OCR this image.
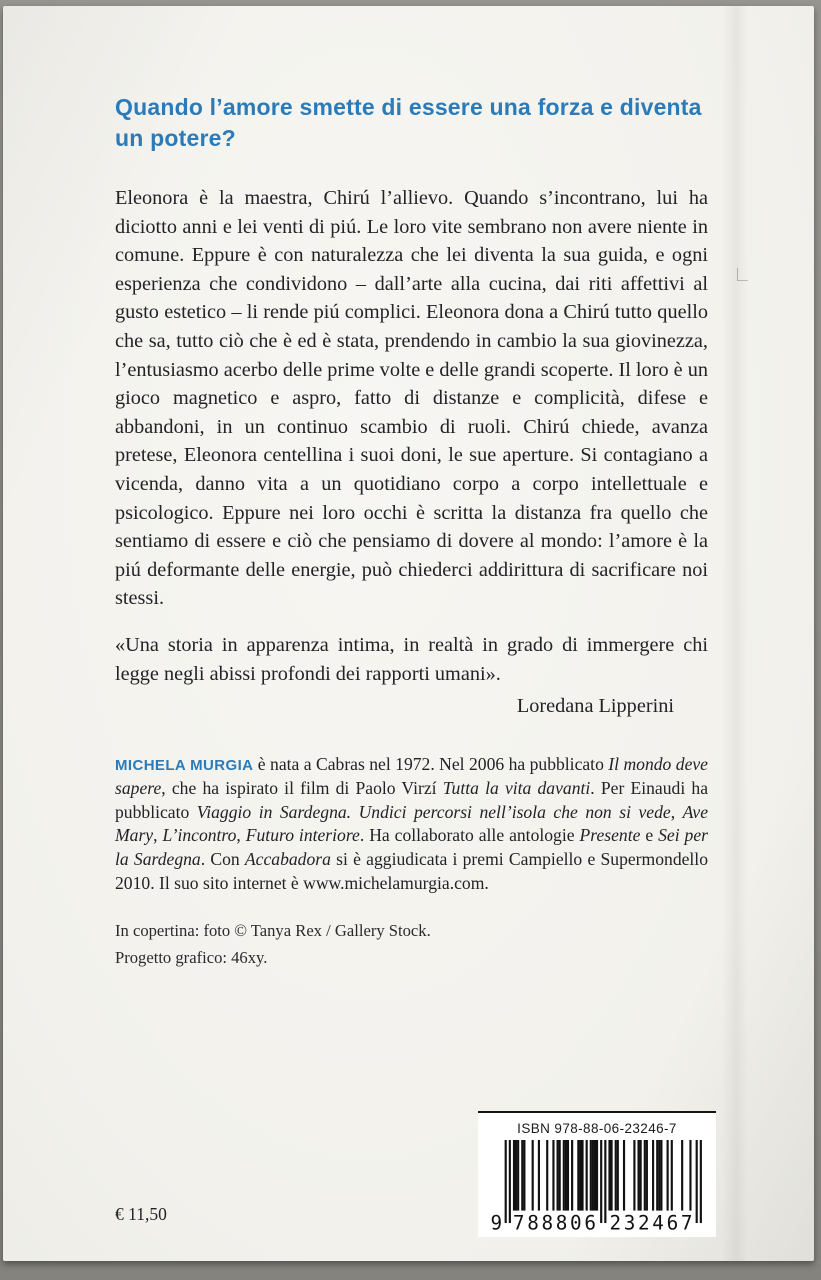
Quando l’amore smette di essere una forza e diventa un potere?

Eleonora è la maestra, Chirú l’allievo. Quando s’incontrano, lui ha diciotto anni e lei venti di piú. Le loro vite sembrano non avere niente in comune. Eppure è con naturalezza che lei diventa la sua guida, e ogni esperienza che condividono – dall’arte alla cucina, dai riti affettivi al gusto estetico – li rende piú complici. Eleonora dona a Chirú tutto quello che sa, tutto ciò che è ed è stata, prendendo in cambio la sua giovinezza, l’entusiasmo acerbo delle prime volte e delle grandi scoperte. Il loro è un gioco magnetico e aspro, fatto di distanze e complicità, difese e abbandoni, in un continuo scambio di ruoli. Chirú chiede, avanza pretese, Eleonora centellina i suoi doni, le sue aperture. Si contagiano a vicenda, danno vita a un quotidiano corpo a corpo intellettuale e psicologico. Eppure nei loro occhi è scritta la distanza fra quello che sentiamo di essere e ciò che pensiamo di dovere al mondo: l’amore è la piú deformante delle energie, può chiederci addirittura di sacrificare noi stessi.

«Una storia in apparenza intima, in realtà in grado di immergere chi legge negli abissi profondi dei rapporti umani».

Loredana Lipperini

MICHELA MURGIA è nata a Cabras nel 1972. Nel 2006 ha pubblicato Il mondo deve sapere, che ha ispirato il film di Paolo Virzí Tutta la vita davanti. Per Einaudi ha pubblicato Viaggio in Sardegna. Undici percorsi nell’isola che non si vede, Ave Mary, L’incontro, Futuro interiore. Ha collaborato alle antologie Presente e Sei per la Sardegna. Con Accabadora si è aggiudicata i premi Campiello e Supermondello 2010. Il suo sito internet è www.michelamurgia.com.

In copertina: foto © Tanya Rex / Gallery Stock.

Progetto grafico: 46xy.

€ 11,50
ISBN 978-88-06-23246-7
9 788806 232467
